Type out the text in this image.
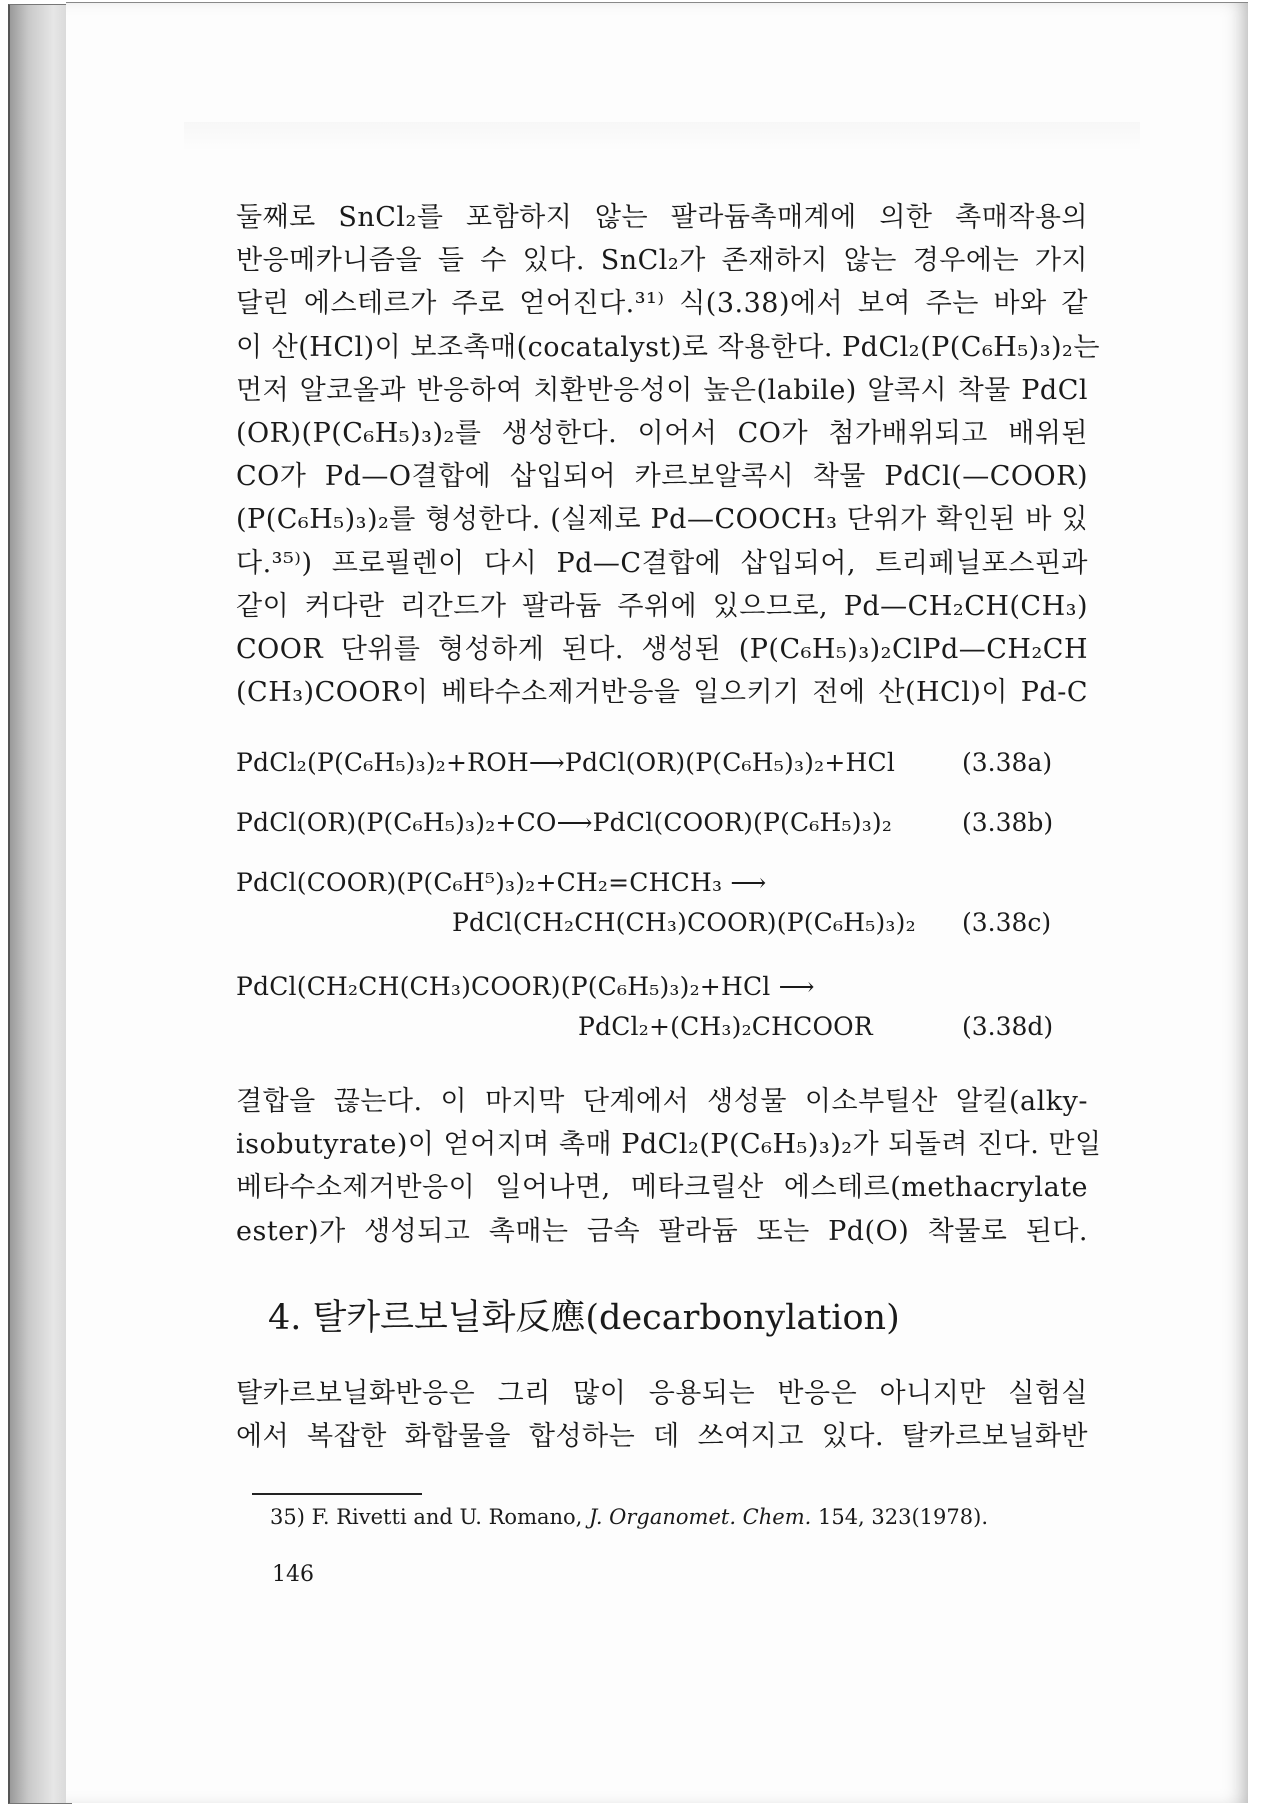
둘째로 SnCl₂를 포함하지 않는 팔라듐촉매계에 의한 촉매작용의
반응메카니즘을 들 수 있다. SnCl₂가 존재하지 않는 경우에는 가지
달린 에스테르가 주로 얻어진다.³¹⁾ 식(3.38)에서 보여 주는 바와 같
이 산(HCl)이 보조촉매(cocatalyst)로 작용한다. PdCl₂(P(C₆H₅)₃)₂는
먼저 알코올과 반응하여 치환반응성이 높은(labile) 알콕시 착물 PdCl
(OR)(P(C₆H₅)₃)₂를 생성한다. 이어서 CO가 첨가배위되고 배위된
CO가 Pd—O결합에 삽입되어 카르보알콕시 착물 PdCl(—COOR)
(P(C₆H₅)₃)₂를 형성한다. (실제로 Pd—COOCH₃ 단위가 확인된 바 있
다.³⁵⁾) 프로필렌이 다시 Pd—C결합에 삽입되어, 트리페닐포스핀과
같이 커다란 리간드가 팔라듐 주위에 있으므로, Pd—CH₂CH(CH₃)
COOR 단위를 형성하게 된다. 생성된 (P(C₆H₅)₃)₂ClPd—CH₂CH
(CH₃)COOR이 베타수소제거반응을 일으키기 전에 산(HCl)이 Pd-C

PdCl₂(P(C₆H₅)₃)₂+ROH⟶PdCl(OR)(P(C₆H₅)₃)₂+HCl	(3.38a)
PdCl(OR)(P(C₆H₅)₃)₂+CO⟶PdCl(COOR)(P(C₆H₅)₃)₂	(3.38b)
PdCl(COOR)(P(C₆H⁵)₃)₂+CH₂=CHCH₃ ⟶
PdCl(CH₂CH(CH₃)COOR)(P(C₆H₅)₃)₂ (3.38c)
PdCl(CH₂CH(CH₃)COOR)(P(C₆H₅)₃)₂+HCl ⟶
PdCl₂+(CH₃)₂CHCOOR	(3.38d)

결합을 끊는다. 이 마지막 단계에서 생성물 이소부틸산 알킬(alky-
isobutyrate)이 얻어지며 촉매 PdCl₂(P(C₆H₅)₃)₂가 되돌려 진다. 만일
베타수소제거반응이 일어나면, 메타크릴산 에스테르(methacrylate
ester)가 생성되고 촉매는 금속 팔라듐 또는 Pd(O) 착물로 된다.

4. 탈카르보닐화反應(decarbonylation)

탈카르보닐화반응은 그리 많이 응용되는 반응은 아니지만 실험실
에서 복잡한 화합물을 합성하는 데 쓰여지고 있다. 탈카르보닐화반

35) F. Rivetti and U. Romano, J. Organomet. Chem. 154, 323(1978).
146
